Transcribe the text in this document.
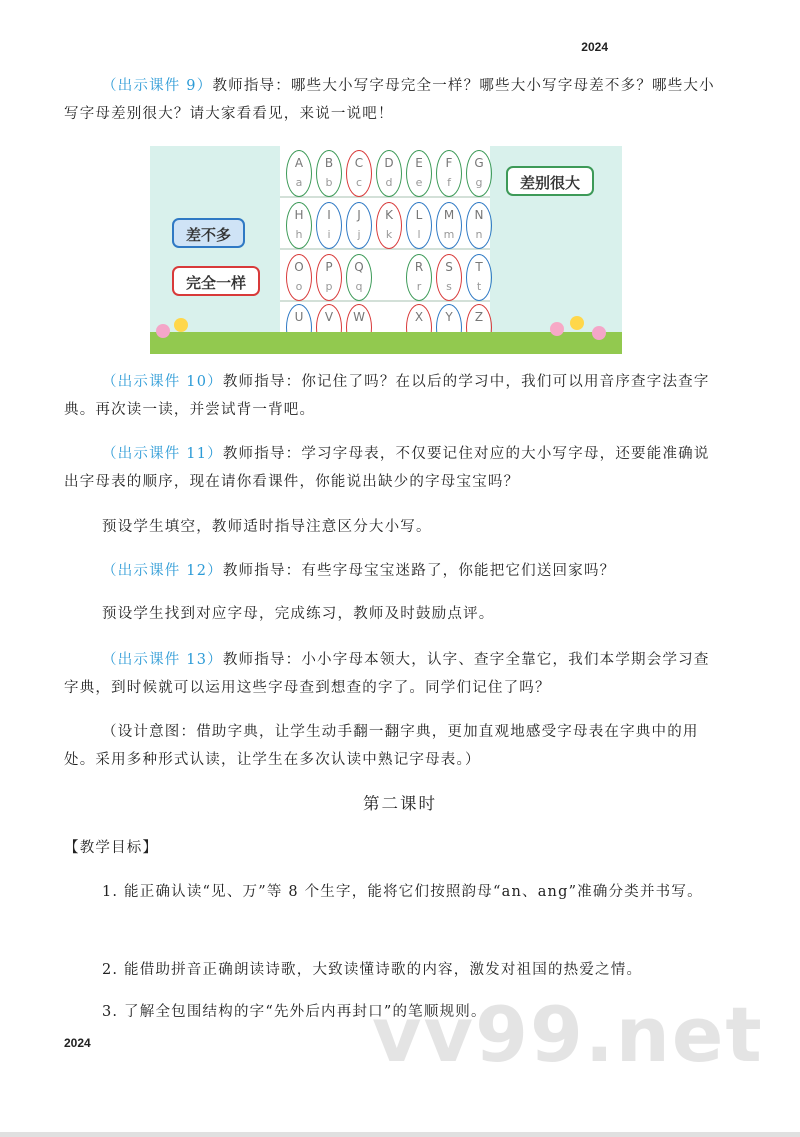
2024
（出示课件 9）教师指导：哪些大小写字母完全一样？哪些大小写字母差不多？哪些大小写字母差别很大？请大家看看见，来说一说吧！
A
a
B
b
C
c
D
d
E
e
F
f
G
g
H
h
I
i
J
j
K
k
L
l
M
m
N
n
O
o
P
p
Q
q
R
r
S
s
T
t
U	V	W	X	Y	Z
差别很大
差不多
完全一样
（出示课件 10）教师指导：你记住了吗？在以后的学习中，我们可以用音序查字法查字典。再次读一读，并尝试背一背吧。
（出示课件 11）教师指导：学习字母表，不仅要记住对应的大小写字母，还要能准确说出字母表的顺序，现在请你看课件，你能说出缺少的字母宝宝吗？
预设学生填空，教师适时指导注意区分大小写。
（出示课件 12）教师指导：有些字母宝宝迷路了，你能把它们送回家吗？
预设学生找到对应字母，完成练习，教师及时鼓励点评。
（出示课件 13）教师指导：小小字母本领大，认字、查字全靠它，我们本学期会学习查字典，到时候就可以运用这些字母查到想查的字了。同学们记住了吗？
（设计意图：借助字典，让学生动手翻一翻字典，更加直观地感受字母表在字典中的用处。采用多种形式认读，让学生在多次认读中熟记字母表。）
第二课时
【教学目标】
1. 能正确认读“见、万”等 8 个生字，能将它们按照韵母“an、ang”准确分类并书写。
2. 能借助拼音正确朗读诗歌，大致读懂诗歌的内容，激发对祖国的热爱之情。
3. 了解全包围结构的字“先外后内再封口”的笔顺规则。
2024	vv99.net
